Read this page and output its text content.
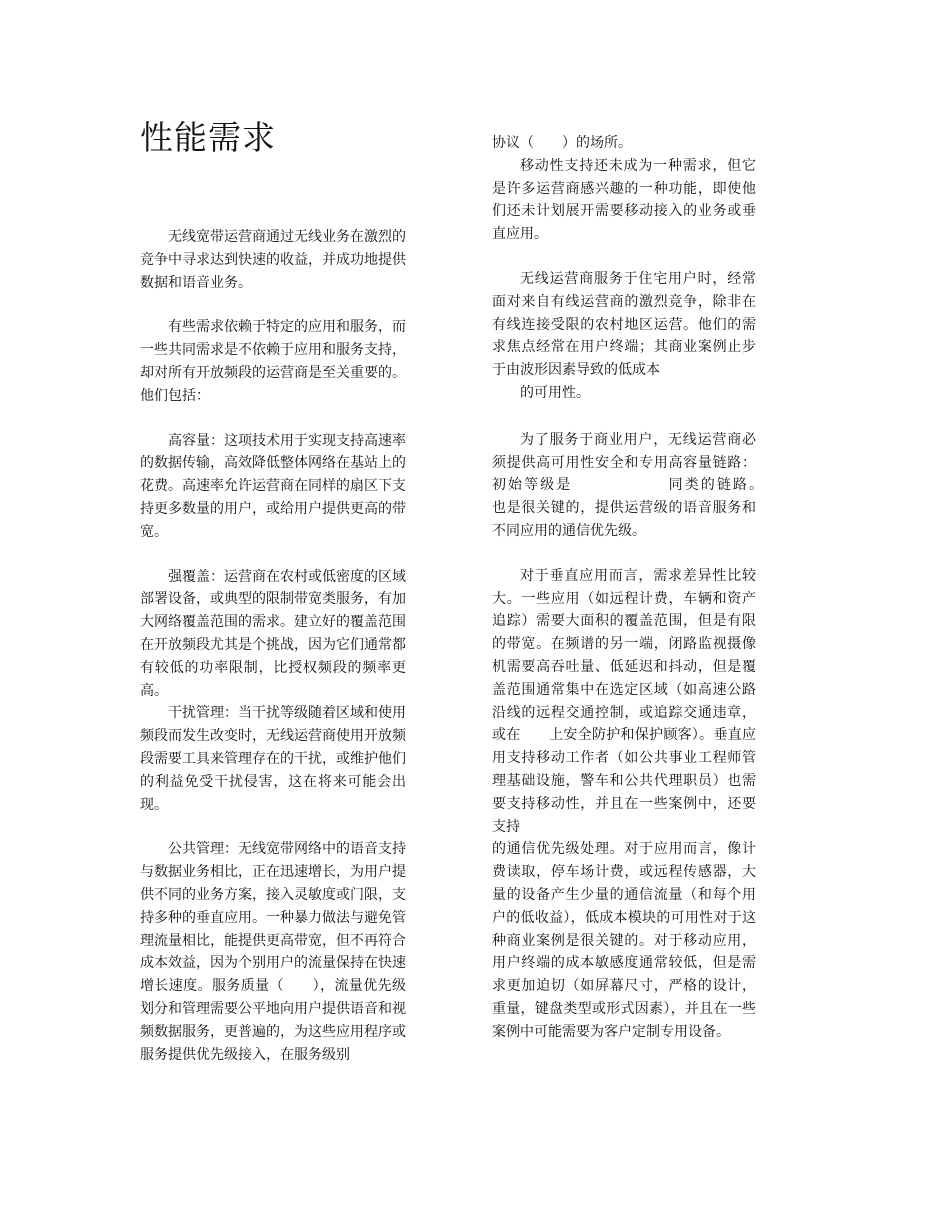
性能需求

无线宽带运营商通过无线业务在激烈的竞争中寻求达到快速的收益，并成功地提供数据和语音业务。

有些需求依赖于特定的应用和服务，而一些共同需求是不依赖于应用和服务支持，却对所有开放频段的运营商是至关重要的。他们包括：

高容量：这项技术用于实现支持高速率的数据传输，高效降低整体网络在基站上的花费。高速率允许运营商在同样的扇区下支持更多数量的用户，或给用户提供更高的带宽。

强覆盖：运营商在农村或低密度的区域部署设备，或典型的限制带宽类服务，有加大网络覆盖范围的需求。建立好的覆盖范围在开放频段尤其是个挑战，因为它们通常都有较低的功率限制，比授权频段的频率更高。

干扰管理：当干扰等级随着区域和使用频段而发生改变时，无线运营商使用开放频段需要工具来管理存在的干扰，或维护他们的利益免受干扰侵害，这在将来可能会出现。

公共管理：无线宽带网络中的语音支持与数据业务相比，正在迅速增长，为用户提供不同的业务方案，接入灵敏度或门限，支持多种的垂直应用。一种暴力做法与避免管理流量相比，能提供更高带宽，但不再符合成本效益，因为个别用户的流量保持在快速增长速度。服务质量（　　），流量优先级划分和管理需要公平地向用户提供语音和视频数据服务，更普遍的，为这些应用程序或服务提供优先级接入，在服务级别

协议（　　）的场所。

移动性支持还未成为一种需求，但它是许多运营商感兴趣的一种功能，即使他们还未计划展开需要移动接入的业务或垂直应用。

无线运营商服务于住宅用户时，经常面对来自有线运营商的激烈竞争，除非在有线连接受限的农村地区运营。他们的需求焦点经常在用户终端；其商业案例止步于由波形因素导致的低成本

的可用性。

为了服务于商业用户，无线运营商必须提供高可用性安全和专用高容量链路：初始等级是　　　　　　同类的链路。　　也是很关键的，提供运营级的语音服务和不同应用的通信优先级。

对于垂直应用而言，需求差异性比较大。一些应用（如远程计费，车辆和资产追踪）需要大面积的覆盖范围，但是有限的带宽。在频谱的另一端，闭路监视摄像机需要高吞吐量、低延迟和抖动，但是覆盖范围通常集中在选定区域（如高速公路沿线的远程交通控制，或追踪交通违章，或在　　上安全防护和保护顾客）。垂直应用支持移动工作者（如公共事业工程师管理基础设施，警车和公共代理职员）也需要支持移动性，并且在一些案例中，还要支持

的通信优先级处理。对于应用而言，像计费读取，停车场计费，或远程传感器，大量的设备产生少量的通信流量（和每个用户的低收益），低成本模块的可用性对于这种商业案例是很关键的。对于移动应用，用户终端的成本敏感度通常较低，但是需求更加迫切（如屏幕尺寸，严格的设计，重量，键盘类型或形式因素），并且在一些案例中可能需要为客户定制专用设备。
